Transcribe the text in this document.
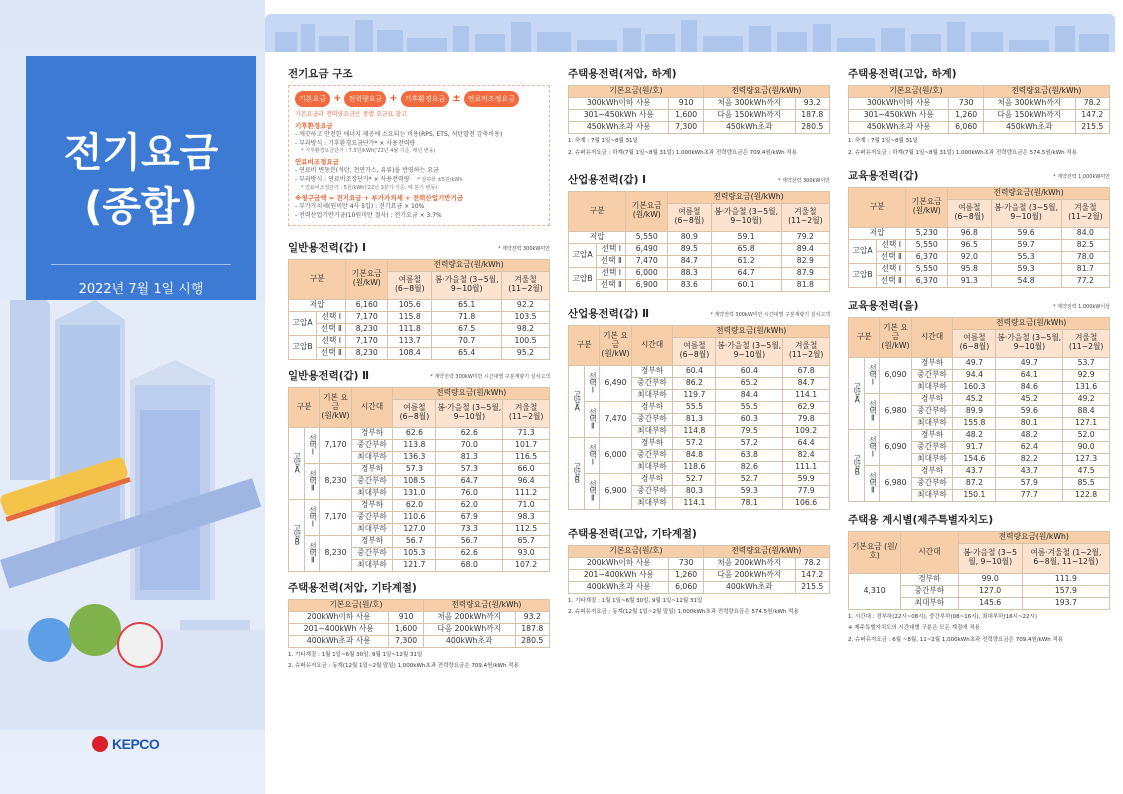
전기요금
(종합)
2022년 7월 1일 시행
KEPCO
전기요금 구조
기본요금 +	전력량요금 +	기후환경요금 ±	연료비조정요금
기본요금과 전력량요금은 종별 요금표 참고
기후환경요금
- 깨끗하고 안전한 에너지 제공에 소요되는 비용(RPS, ETS, 석탄발전 감축비용)
- 부과방식 : 기후환경요금단가* × 사용전력량
* 기후환경요금단가 : 7.3원/kWh('22년 4월 기준, 매년 변동)
연료비조정요금
- 연료비 변동분(석탄, 천연가스, 유류)을 반영하는 요금
- 부과방식 : 연료비조정단가* × 사용전력량 * 상하한 ±5원/kWh
* 연료비조정단가 : 5원/kWh('22년 3분기 기준, 매 분기 변동)
※청구금액 = 전기요금 + 부가가치세 + 전력산업기반기금
- 부가가치세(원미만 4사 5입) : 전기요금 × 10%
- 전력산업기반기금(10원미만 절사) : 전기요금 × 3.7%
일반용전력(갑) Ⅰ	* 계약전력 300kW미만
구분		기본요금 (원/kW)	전력량요금(원/kWh)		
			여름철 (6~8월)	봄·가을철 (3~5월, 9~10월)	겨울철 (11~2월)
저압		6,160	105.6	65.1	92.2
고압A	선택 Ⅰ	7,170	115.8	71.8	103.5
	선택 Ⅱ	8,230	111.8	67.5	98.2
고압B	선택 Ⅰ	7,170	113.7	70.7	100.5
	선택 Ⅱ	8,230	108.4	65.4	95.2
일반용전력(갑) Ⅱ	* 계약전력 300kW미만 시간대별 구분계량기 설치고객
구분		기본 요금 (원/kW)	시간대	전력량요금(원/kWh)		
				여름철 (6~8월)	봄·가을철 (3~5월, 9~10월)	겨울철 (11~2월)
고압A	선택Ⅰ	7,170	경부하	62.6	62.6	71.3
			중간부하	113.8	70.0	101.7
			최대부하	136.3	81.3	116.5
	선택Ⅱ	8,230	경부하	57.3	57.3	66.0
			중간부하	108.5	64.7	96.4
			최대부하	131.0	76.0	111.2
고압B	선택Ⅰ	7,170	경부하	62.0	62.0	71.0
			중간부하	110.6	67.9	98.3
			최대부하	127.0	73.3	112.5
	선택Ⅱ	8,230	경부하	56.7	56.7	65.7
			중간부하	105.3	62.6	93.0
			최대부하	121.7	68.0	107.2
주택용전력(저압, 기타계절)
기본요금(원/호)		전력량요금(원/kWh)	
200kWh이하 사용	910	처음 200kWh까지	93.2
201~400kWh 사용	1,600	다음 200kWh까지	187.8
400kWh초과 사용	7,300	400kWh초과	280.5
1. 기타계절 : 1월 1일~6월 30일, 9월 1일~12월 31일
2. 슈퍼유저요금 : 동계(12월 1일~2월 말일) 1,000kWh초과 전력량요금은 709.4원/kWh 적용
주택용전력(저압, 하계)
기본요금(원/호)		전력량요금(원/kWh)	
300kWh이하 사용	910	처음 300kWh까지	93.2
301~450kWh 사용	1,600	다음 150kWh까지	187.8
450kWh초과 사용	7,300	450kWh초과	280.5
1. 하계 : 7월 1일~8월 31일
2. 슈퍼유저요금 : 하계(7월 1일~8월 31일) 1,000kWh초과 전력량요금은 709.4원/kWh 적용
산업용전력(갑) Ⅰ	* 계약전력 300kW미만
구분		기본요금 (원/kW)	전력량요금(원/kWh)		
			여름철 (6~8월)	봄·가을철 (3~5월, 9~10월)	겨울철 (11~2월)
저압		5,550	80.9	59.1	79.2
고압A	선택 Ⅰ	6,490	89.5	65.8	89.4
	선택 Ⅱ	7,470	84.7	61.2	82.9
고압B	선택 Ⅰ	6,000	88.3	64.7	87.9
	선택 Ⅱ	6,900	83.6	60.1	81.8
산업용전력(갑) Ⅱ	* 계약전력 300kW미만 시간대별 구분계량기 설치고객
구분		기본 요금 (원/kW)	시간대	전력량요금(원/kWh)		
				여름철 (6~8월)	봄·가을철 (3~5월, 9~10월)	겨울철 (11~2월)
고압A	선택Ⅰ	6,490	경부하	60.4	60.4	67.8
			중간부하	86.2	65.2	84.7
			최대부하	119.7	84.4	114.1
	선택Ⅱ	7,470	경부하	55.5	55.5	62.9
			중간부하	81.3	60.3	79.8
			최대부하	114.8	79.5	109.2
고압B	선택Ⅰ	6,000	경부하	57.2	57.2	64.4
			중간부하	84.8	63.8	82.4
			최대부하	118.6	82.6	111.1
	선택Ⅱ	6,900	경부하	52.7	52.7	59.9
			중간부하	80.3	59.3	77.9
			최대부하	114.1	78.1	106.6
주택용전력(고압, 기타계절)
기본요금(원/호)		전력량요금(원/kWh)	
200kWh이하 사용	730	처음 200kWh까지	78.2
201~400kWh 사용	1,260	다음 200kWh까지	147.2
400kWh초과 사용	6,060	400kWh초과	215.5
1. 기타계절 : 1월 1일~6월 30일, 9월 1일~12월 31일
2. 슈퍼유저요금 : 동계(12월 1일~2월 말일) 1,000kWh초과 전력량요금은 574.5원/kWh 적용
주택용전력(고압, 하계)
기본요금(원/호)		전력량요금(원/kWh)	
300kWh이하 사용	730	처음 300kWh까지	78.2
301~450kWh 사용	1,260	다음 150kWh까지	147.2
450kWh초과 사용	6,060	450kWh초과	215.5
1. 하계 : 7월 1일~8월 31일
2. 슈퍼유저요금 : 하계(7월 1일~8월 31일) 1,000kWh초과 전력량요금은 574.5원/kWh 적용
교육용전력(갑)	* 계약전력 1,000kW미만
구분		기본요금 (원/kW)	전력량요금(원/kWh)		
			여름철 (6~8월)	봄·가을철 (3~5월, 9~10월)	겨울철 (11~2월)
저압		5,230	96.8	59.6	84.0
고압A	선택 Ⅰ	5,550	96.5	59.7	82.5
	선택 Ⅱ	6,370	92.0	55.3	78.0
고압B	선택 Ⅰ	5,550	95.8	59.3	81.7
	선택 Ⅱ	6,370	91.3	54.8	77.2
교육용전력(을)	* 계약전력 1,000kW이상
구분		기본 요금 (원/kW)	시간대	전력량요금(원/kWh)		
				여름철 (6~8월)	봄·가을철 (3~5월, 9~10월)	겨울철 (11~2월)
고압A	선택Ⅰ	6,090	경부하	49.7	49.7	53.7
			중간부하	94.4	64.1	92.9
			최대부하	160.3	84.6	131.6
	선택Ⅱ	6,980	경부하	45.2	45.2	49.2
			중간부하	89.9	59.6	88.4
			최대부하	155.8	80.1	127.1
고압B	선택Ⅰ	6,090	경부하	48.2	48.2	52.0
			중간부하	91.7	62.4	90.0
			최대부하	154.6	82.2	127.3
	선택Ⅱ	6,980	경부하	43.7	43.7	47.5
			중간부하	87.2	57.9	85.5
			최대부하	150.1	77.7	122.8
주택용 계시별(제주특별자치도)
기본요금 (원/호)	시간대	전력량요금(원/kWh)	
		봄·가을철 (3~5월, 9~10월)	여름·겨울철 (1~2월, 6~8월, 11~12월)
4,310	경부하	99.0	111.9
	중간부하	127.0	157.9
	최대부하	145.6	193.7
1. 시간대 : 경부하(22시~08시), 중간부하(08~16시), 최대부하(16시~22시)
※ 제주특별자치도의 시간대별 구분은 모든 계절에 적용
2. 슈퍼유저요금 : 6월 ~8월, 11~2월 1,000kWh초과 전력량요금은 709.4원/kWh 적용
